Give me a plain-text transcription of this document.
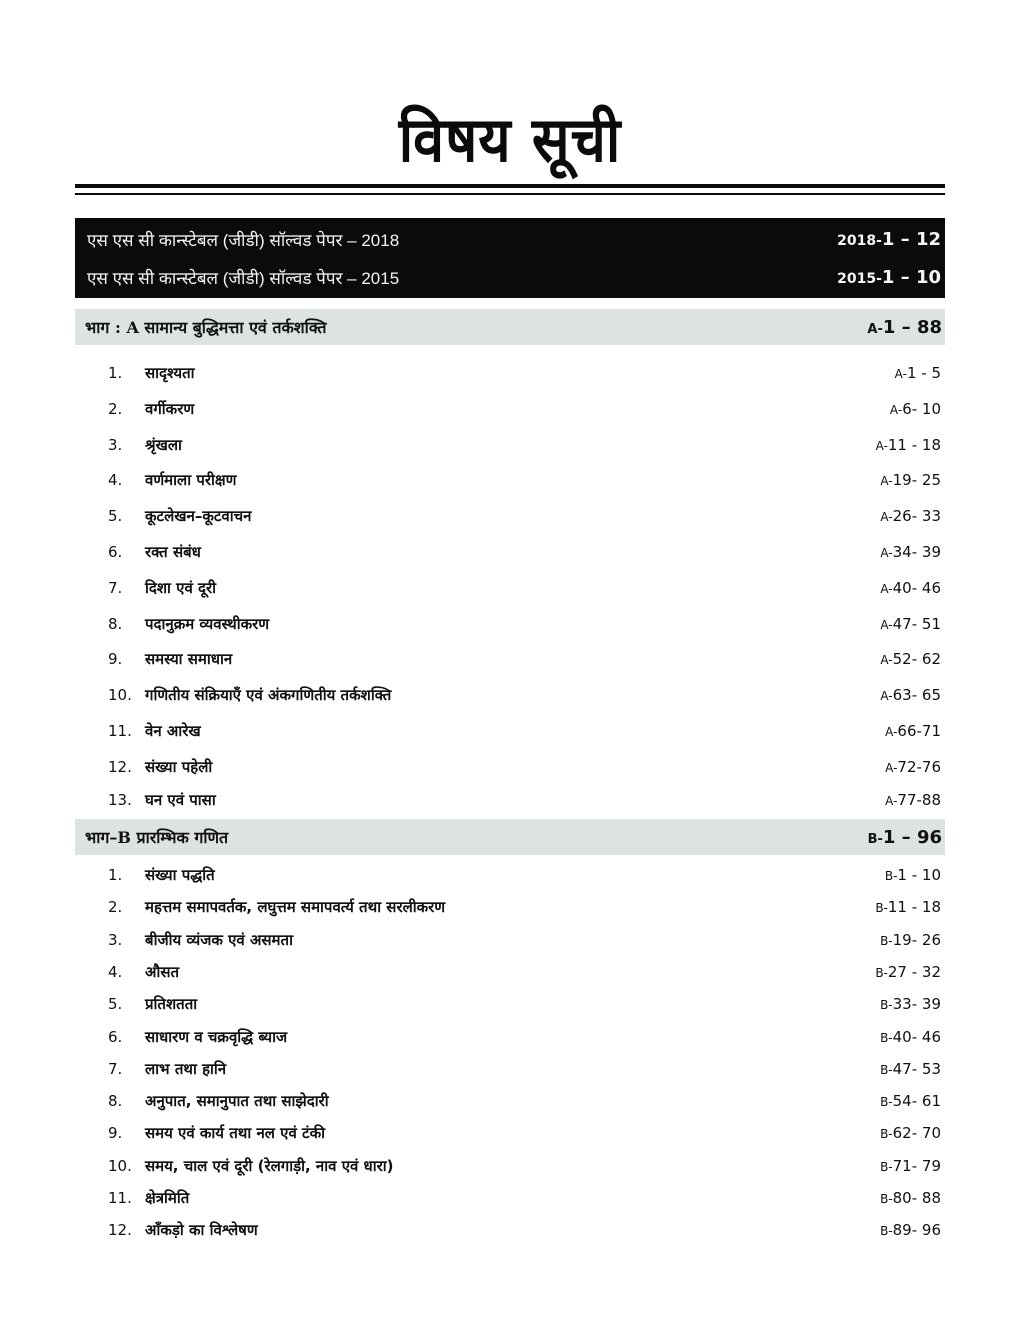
विषय सूची
एस एस सी कान्स्टेबल (जीडी) सॉल्वड पेपर – 2018	2018-1 – 12
एस एस सी कान्स्टेबल (जीडी) सॉल्वड पेपर – 2015	2015-1 – 10
भाग : A सामान्य बुद्धिमत्ता एवं तर्कशक्ति	A-1 – 88
1. सादृश्यता	A-1 - 5
2. वर्गीकरण	A-6- 10
3. श्रृंखला	A-11 - 18
4. वर्णमाला परीक्षण	A-19- 25
5. कूटलेखन–कूटवाचन	A-26- 33
6. रक्त संबंध	A-34- 39
7. दिशा एवं दूरी	A-40- 46
8. पदानुक्रम व्यवस्थीकरण	A-47- 51
9. समस्या समाधान	A-52- 62
10. गणितीय संक्रियाएँ एवं अंकगणितीय तर्कशक्ति	A-63- 65
11. वेन आरेख	A-66-71
12. संख्या पहेली	A-72-76
13. घन एवं पासा	A-77-88
भाग–B प्रारम्भिक गणित	B-1 – 96
1. संख्या पद्धति	B-1 - 10
2. महत्तम समापवर्तक, लघुत्तम समापवर्त्य तथा सरलीकरण	B-11 - 18
3. बीजीय व्यंजक एवं असमता	B-19- 26
4. औसत	B-27 - 32
5. प्रतिशतता	B-33- 39
6. साधारण व चक्रवृद्धि ब्याज	B-40- 46
7. लाभ तथा हानि	B-47- 53
8. अनुपात, समानुपात तथा साझेदारी	B-54- 61
9. समय एवं कार्य तथा नल एवं टंकी	B-62- 70
10. समय, चाल एवं दूरी (रेलगाड़ी, नाव एवं धारा)	B-71- 79
11. क्षेत्रमिति	B-80- 88
12. आँकड़ो का विश्लेषण	B-89- 96
